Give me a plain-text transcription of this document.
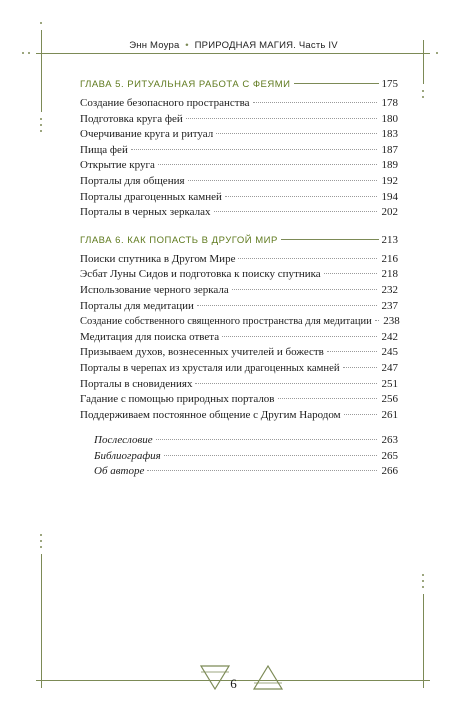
Энн Моура • ПРИРОДНАЯ МАГИЯ. Часть IV
ГЛАВА 5. РИТУАЛЬНАЯ РАБОТА С ФЕЯМИ	175
Создание безопасного пространства	178
Подготовка круга фей	180
Очерчивание круга и ритуал	183
Пища фей	187
Открытие круга	189
Порталы для общения	192
Порталы драгоценных камней	194
Порталы в черных зеркалах	202
ГЛАВА 6. КАК ПОПАСТЬ В ДРУГОЙ МИР	213
Поиски спутника в Другом Мире	216
Эсбат Луны Сидов и подготовка к поиску спутника	218
Использование черного зеркала	232
Порталы для медитации	237
Создание собственного священного пространства для медитации 238
Медитация для поиска ответа	242
Призываем духов, вознесенных учителей и божеств	245
Порталы в черепах из хрусталя или драгоценных камней	247
Порталы в сновидениях	251
Гадание с помощью природных порталов	256
Поддерживаем постоянное общение с Другим Народом	261
Послесловие	263
Библиография	265
Об авторе	266
6
